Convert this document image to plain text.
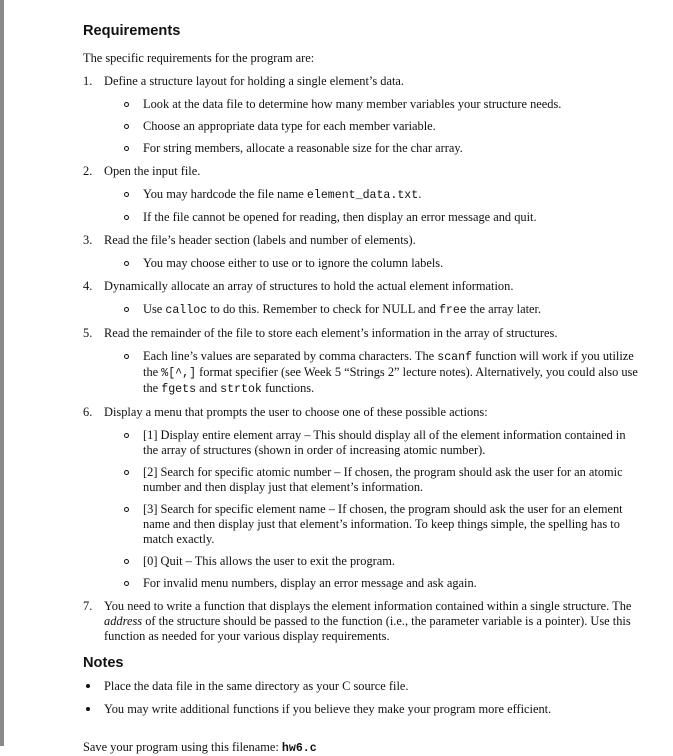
Requirements
The specific requirements for the program are:
1. Define a structure layout for holding a single element’s data.
Look at the data file to determine how many member variables your structure needs.
Choose an appropriate data type for each member variable.
For string members, allocate a reasonable size for the char array.
2. Open the input file.
You may hardcode the file name element_data.txt.
If the file cannot be opened for reading, then display an error message and quit.
3. Read the file’s header section (labels and number of elements).
You may choose either to use or to ignore the column labels.
4. Dynamically allocate an array of structures to hold the actual element information.
Use calloc to do this. Remember to check for NULL and free the array later.
5. Read the remainder of the file to store each element’s information in the array of structures.
Each line’s values are separated by comma characters. The scanf function will work if you utilize the %[^,] format specifier (see Week 5 “Strings 2” lecture notes). Alternatively, you could also use the fgets and strtok functions.
6. Display a menu that prompts the user to choose one of these possible actions:
[1] Display entire element array – This should display all of the element information contained in the array of structures (shown in order of increasing atomic number).
[2] Search for specific atomic number – If chosen, the program should ask the user for an atomic number and then display just that element’s information.
[3] Search for specific element name – If chosen, the program should ask the user for an element name and then display just that element’s information. To keep things simple, the spelling has to match exactly.
[0] Quit – This allows the user to exit the program.
For invalid menu numbers, display an error message and ask again.
7. You need to write a function that displays the element information contained within a single structure. The address of the structure should be passed to the function (i.e., the parameter variable is a pointer). Use this function as needed for your various display requirements.
Notes
Place the data file in the same directory as your C source file.
You may write additional functions if you believe they make your program more efficient.
Save your program using this filename: hw6.c
